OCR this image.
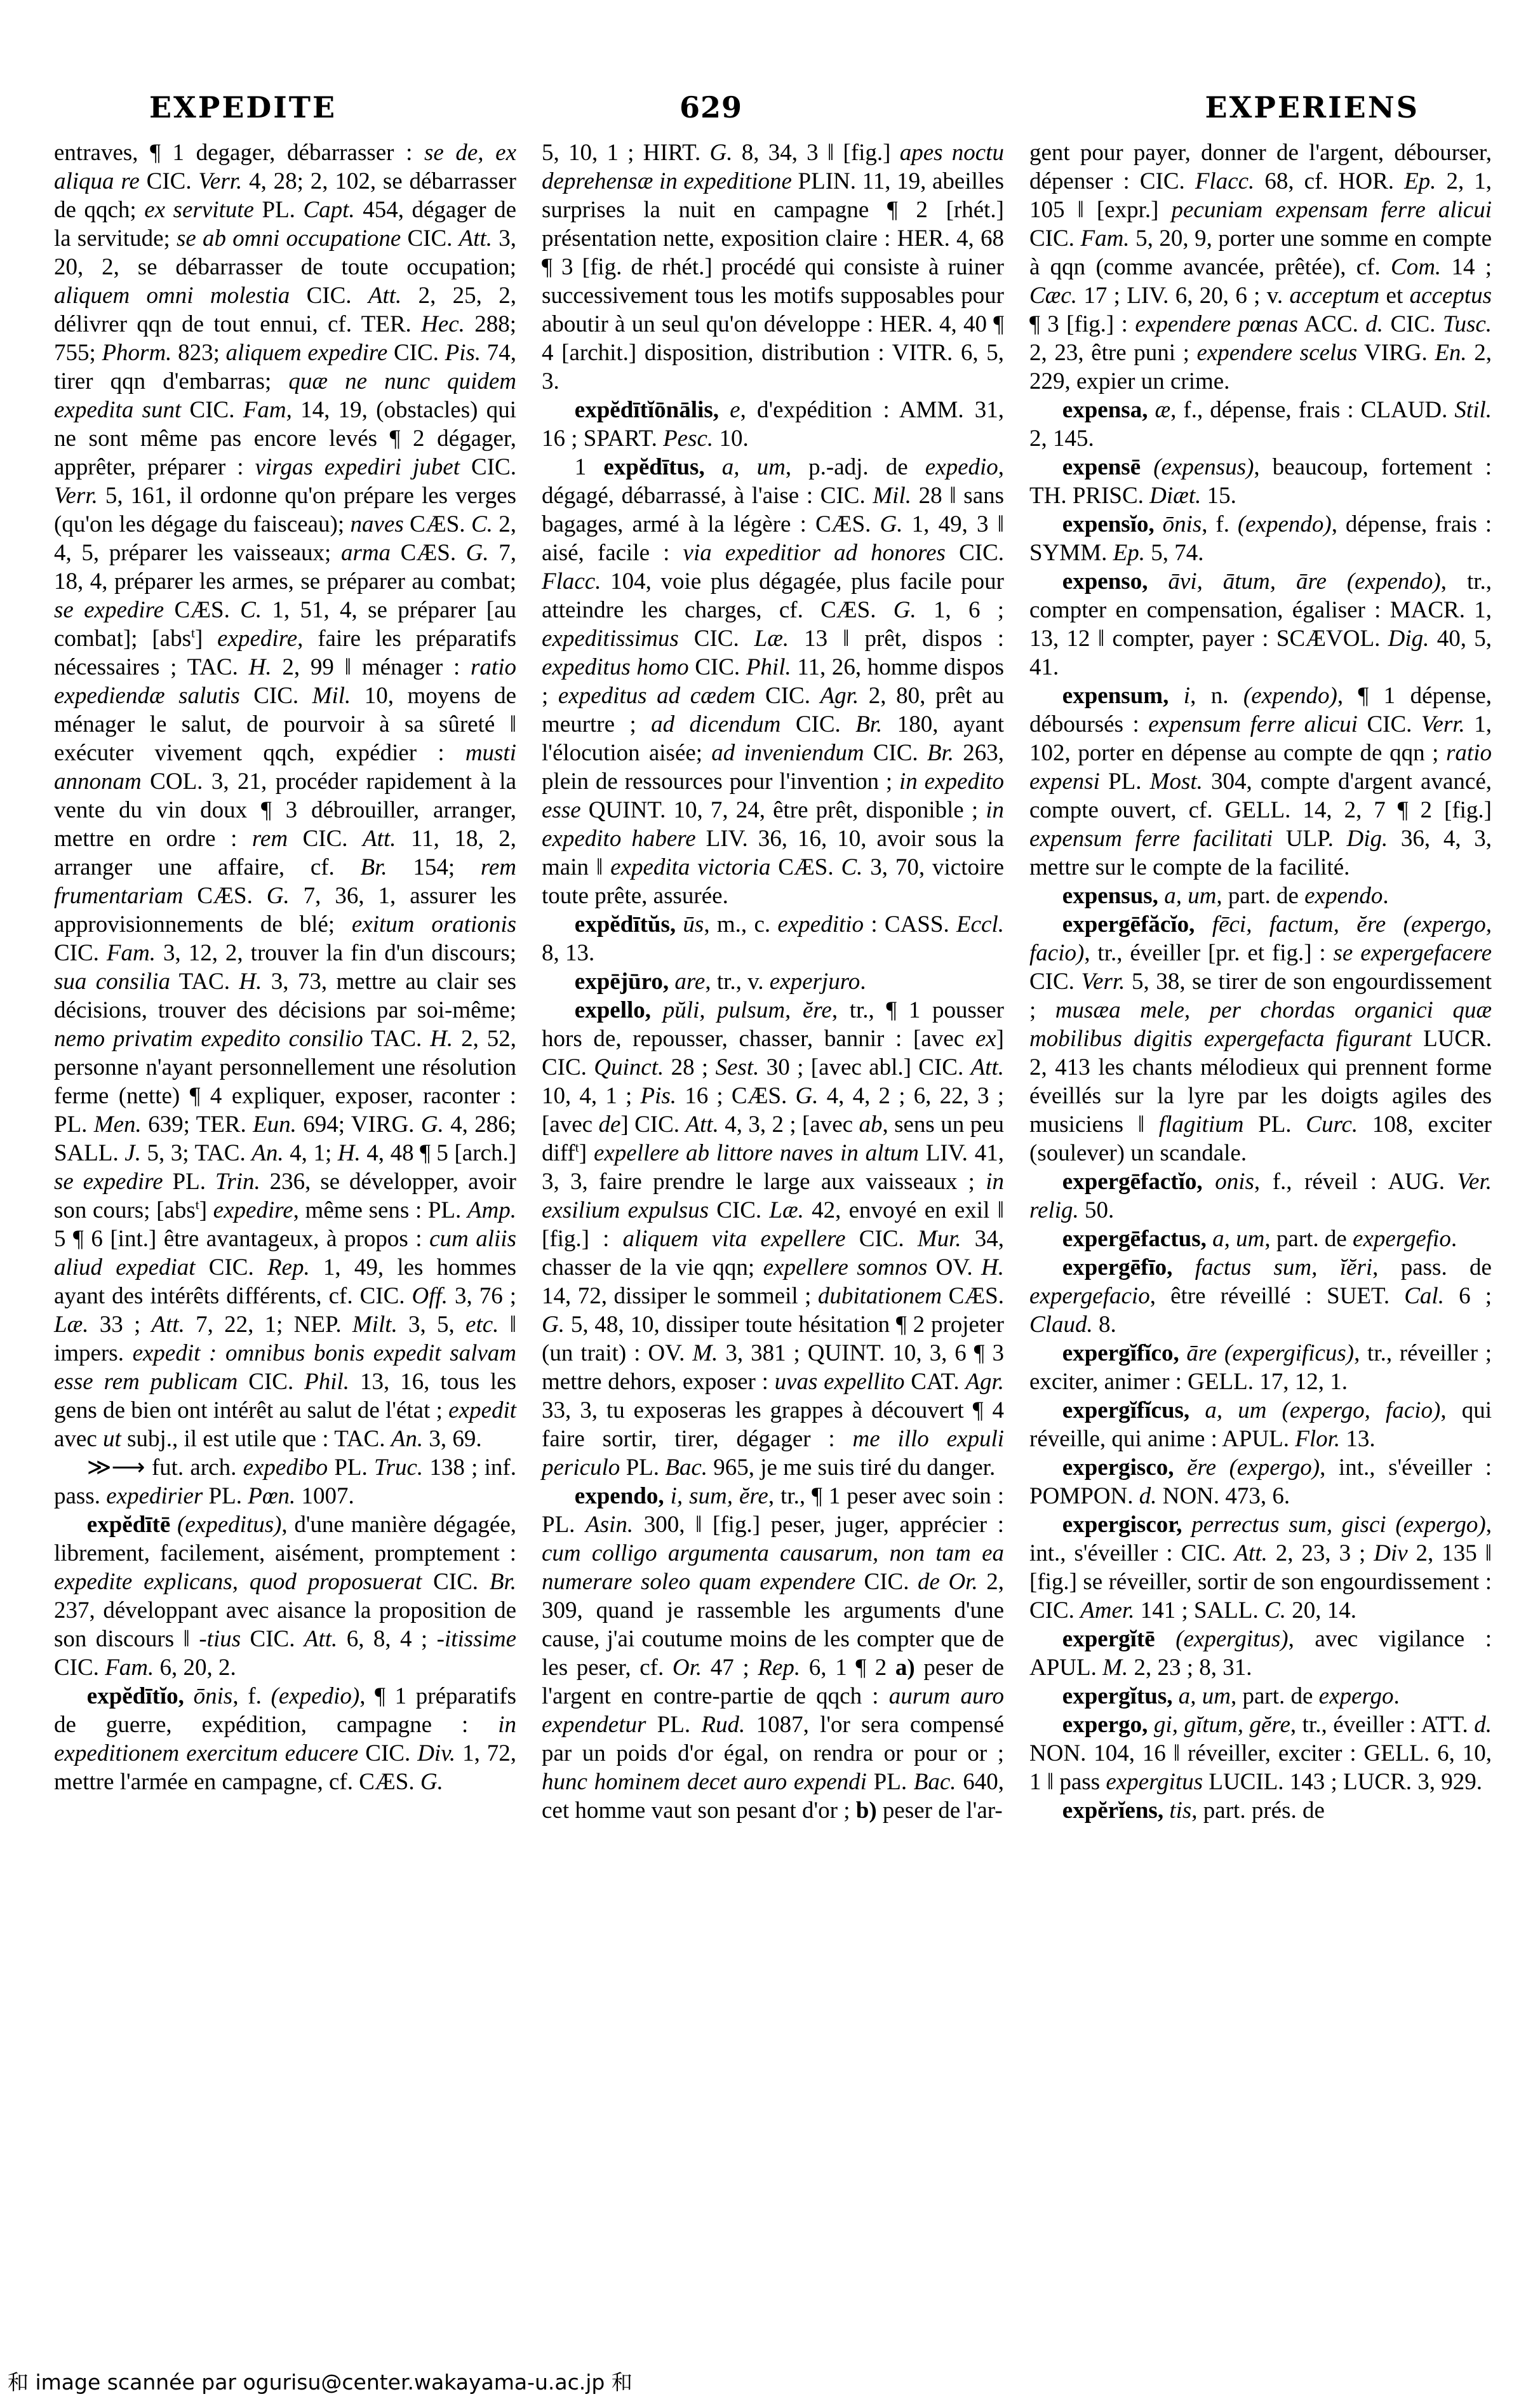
EXPEDITE	629	EXPERIENS

entraves, ¶ 1 degager, débarrasser : se de, ex aliqua re CIC. Verr. 4, 28; 2, 102, se débarrasser de qqch; ex servitute PL. Capt. 454, dégager de la servitude; se ab omni occupatione CIC. Att. 3, 20, 2, se débarrasser de toute occupation; aliquem omni molestia CIC. Att. 2, 25, 2, délivrer qqn de tout ennui, cf. TER. Hec. 288; 755; Phorm. 823; aliquem expedire CIC. Pis. 74, tirer qqn d'embarras; quæ ne nunc quidem expedita sunt CIC. Fam, 14, 19, (obstacles) qui ne sont même pas encore levés ¶ 2 dégager, apprêter, préparer : virgas expediri jubet CIC. Verr. 5, 161, il ordonne qu'on prépare les verges (qu'on les dégage du faisceau); naves CÆS. C. 2, 4, 5, préparer les vaisseaux; arma CÆS. G. 7, 18, 4, préparer les armes, se préparer au combat; se expedire CÆS. C. 1, 51, 4, se préparer [au combat]; [abs$^t$] expedire, faire les préparatifs nécessaires ; TAC. H. 2, 99 ‖ ménager : ratio expediendæ salutis CIC. Mil. 10, moyens de ménager le salut, de pourvoir à sa sûreté ‖ exécuter vivement qqch, expédier : musti annonam COL. 3, 21, procéder rapidement à la vente du vin doux ¶ 3 débrouiller, arranger, mettre en ordre : rem CIC. Att. 11, 18, 2, arranger une affaire, cf. Br. 154; rem frumentariam CÆS. G. 7, 36, 1, assurer les approvisionnements de blé; exitum orationis CIC. Fam. 3, 12, 2, trouver la fin d'un discours; sua consilia TAC. H. 3, 73, mettre au clair ses décisions, trouver des décisions par soi-même; nemo privatim expedito consilio TAC. H. 2, 52, personne n'ayant personnellement une résolution ferme (nette) ¶ 4 expliquer, exposer, raconter : PL. Men. 639; TER. Eun. 694; VIRG. G. 4, 286; SALL. J. 5, 3; TAC. An. 4, 1; H. 4, 48 ¶ 5 [arch.] se expedire PL. Trin. 236, se développer, avoir son cours; [abs$^t$] expedire, même sens : PL. Amp. 5 ¶ 6 [int.] être avantageux, à propos : cum aliis aliud expediat CIC. Rep. 1, 49, les hommes ayant des intérêts différents, cf. CIC. Off. 3, 76 ; Læ. 33 ; Att. 7, 22, 1; NEP. Milt. 3, 5, etc. ‖ impers. expedit : omnibus bonis expedit salvam esse rem publicam CIC. Phil. 13, 16, tous les gens de bien ont intérêt au salut de l'état ; expedit avec ut subj., il est utile que : TAC. An. 3, 69.

≫⟶ fut. arch. expedibo PL. Truc. 138 ; inf. pass. expedirier PL. Pœn. 1007.

expĕdītē (expeditus), d'une manière dégagée, librement, facilement, aisément, promptement : expedite explicans, quod proposuerat CIC. Br. 237, développant avec aisance la proposition de son discours ‖ -tius CIC. Att. 6, 8, 4 ; -itissime CIC. Fam. 6, 20, 2.

expĕdītĭo, ōnis, f. (expedio), ¶ 1 préparatifs de guerre, expédition, campagne : in expeditionem exercitum educere CIC. Div. 1, 72, mettre l'armée en campagne, cf. CÆS. G.

5, 10, 1 ; HIRT. G. 8, 34, 3 ‖ [fig.] apes noctu deprehensæ in expeditione PLIN. 11, 19, abeilles surprises la nuit en campagne ¶ 2 [rhét.] présentation nette, exposition claire : HER. 4, 68 ¶ 3 [fig. de rhét.] procédé qui consiste à ruiner successivement tous les motifs supposables pour aboutir à un seul qu'on développe : HER. 4, 40 ¶ 4 [archit.] disposition, distribution : VITR. 6, 5, 3.

expĕdītĭōnālis, e, d'expédition : AMM. 31, 16 ; SPART. Pesc. 10.

1 expĕdītus, a, um, p.-adj. de expedio, dégagé, débarrassé, à l'aise : CIC. Mil. 28 ‖ sans bagages, armé à la légère : CÆS. G. 1, 49, 3 ‖ aisé, facile : via expeditior ad honores CIC. Flacc. 104, voie plus dégagée, plus facile pour atteindre les charges, cf. CÆS. G. 1, 6 ; expeditissimus CIC. Læ. 13 ‖ prêt, dispos : expeditus homo CIC. Phil. 11, 26, homme dispos ; expeditus ad cædem CIC. Agr. 2, 80, prêt au meurtre ; ad dicendum CIC. Br. 180, ayant l'élocution aisée; ad inveniendum CIC. Br. 263, plein de ressources pour l'invention ; in expedito esse QUINT. 10, 7, 24, être prêt, disponible ; in expedito habere LIV. 36, 16, 10, avoir sous la main ‖ expedita victoria CÆS. C. 3, 70, victoire toute prête, assurée.

expĕdītŭs, ūs, m., c. expeditio : CASS. Eccl. 8, 13.

expējūro, are, tr., v. experjuro.

expello, pŭli, pulsum, ĕre, tr., ¶ 1 pousser hors de, repousser, chasser, bannir : [avec ex] CIC. Quinct. 28 ; Sest. 30 ; [avec abl.] CIC. Att. 10, 4, 1 ; Pis. 16 ; CÆS. G. 4, 4, 2 ; 6, 22, 3 ; [avec de] CIC. Att. 4, 3, 2 ; [avec ab, sens un peu diff$^t$] expellere ab littore naves in altum LIV. 41, 3, 3, faire prendre le large aux vaisseaux ; in exsilium expulsus CIC. Læ. 42, envoyé en exil ‖ [fig.] : aliquem vita expellere CIC. Mur. 34, chasser de la vie qqn; expellere somnos OV. H. 14, 72, dissiper le sommeil ; dubitationem CÆS. G. 5, 48, 10, dissiper toute hésitation ¶ 2 projeter (un trait) : OV. M. 3, 381 ; QUINT. 10, 3, 6 ¶ 3 mettre dehors, exposer : uvas expellito CAT. Agr. 33, 3, tu exposeras les grappes à découvert ¶ 4 faire sortir, tirer, dégager : me illo expuli periculo PL. Bac. 965, je me suis tiré du danger.

expendo, i, sum, ĕre, tr., ¶ 1 peser avec soin : PL. Asin. 300, ‖ [fig.] peser, juger, apprécier : cum colligo argumenta causarum, non tam ea numerare soleo quam expendere CIC. de Or. 2, 309, quand je rassemble les arguments d'une cause, j'ai coutume moins de les compter que de les peser, cf. Or. 47 ; Rep. 6, 1 ¶ 2 a) peser de l'argent en contre-partie de qqch : aurum auro expendetur PL. Rud. 1087, l'or sera compensé par un poids d'or égal, on rendra or pour or ; hunc hominem decet auro expendi PL. Bac. 640, cet homme vaut son pesant d'or ; b) peser de l'ar-

gent pour payer, donner de l'argent, débourser, dépenser : CIC. Flacc. 68, cf. HOR. Ep. 2, 1, 105 ‖ [expr.] pecuniam expensam ferre alicui CIC. Fam. 5, 20, 9, porter une somme en compte à qqn (comme avancée, prêtée), cf. Com. 14 ; Cæc. 17 ; LIV. 6, 20, 6 ; v. acceptum et acceptus ¶ 3 [fig.] : expendere pœnas ACC. d. CIC. Tusc. 2, 23, être puni ; expendere scelus VIRG. En. 2, 229, expier un crime.

expensa, æ, f., dépense, frais : CLAUD. Stil. 2, 145.

expensē (expensus), beaucoup, fortement : TH. PRISC. Diæt. 15.

expensĭo, ōnis, f. (expendo), dépense, frais : SYMM. Ep. 5, 74.

expenso, āvi, ātum, āre (expendo), tr., compter en compensation, égaliser : MACR. 1, 13, 12 ‖ compter, payer : SCÆVOL. Dig. 40, 5, 41.

expensum, i, n. (expendo), ¶ 1 dépense, déboursés : expensum ferre alicui CIC. Verr. 1, 102, porter en dépense au compte de qqn ; ratio expensi PL. Most. 304, compte d'argent avancé, compte ouvert, cf. GELL. 14, 2, 7 ¶ 2 [fig.] expensum ferre facilitati ULP. Dig. 36, 4, 3, mettre sur le compte de la facilité.

expensus, a, um, part. de expendo.

expergēfăcĭo, fēci, factum, ĕre (expergo, facio), tr., éveiller [pr. et fig.] : se expergefacere CIC. Verr. 5, 38, se tirer de son engourdissement ; musæa mele, per chordas organici quæ mobilibus digitis expergefacta figurant LUCR. 2, 413 les chants mélodieux qui prennent forme éveillés sur la lyre par les doigts agiles des musiciens ‖ flagitium PL. Curc. 108, exciter (soulever) un scandale.

expergēfactĭo, onis, f., réveil : AUG. Ver. relig. 50.

expergēfactus, a, um, part. de expergefio.

expergēfīo, factus sum, ĭĕri, pass. de expergefacio, être réveillé : SUET. Cal. 6 ; Claud. 8.

expergĭfĭco, āre (expergificus), tr., réveiller ; exciter, animer : GELL. 17, 12, 1.

expergĭfĭcus, a, um (expergo, facio), qui réveille, qui anime : APUL. Flor. 13.

expergisco, ĕre (expergo), int., s'éveiller : POMPON. d. NON. 473, 6.

expergiscor, perrectus sum, gisci (expergo), int., s'éveiller : CIC. Att. 2, 23, 3 ; Div 2, 135 ‖ [fig.] se réveiller, sortir de son engourdissement : CIC. Amer. 141 ; SALL. C. 20, 14.

expergĭtē (expergitus), avec vigilance : APUL. M. 2, 23 ; 8, 31.

expergĭtus, a, um, part. de expergo.

expergo, gi, gĭtum, gĕre, tr., éveiller : ATT. d. NON. 104, 16 ‖ réveiller, exciter : GELL. 6, 10, 1 ‖ pass expergitus LUCIL. 143 ; LUCR. 3, 929.

expĕrĭens, tis, part. prés. de

和 image scannée par ogurisu@center.wakayama-u.ac.jp 和
